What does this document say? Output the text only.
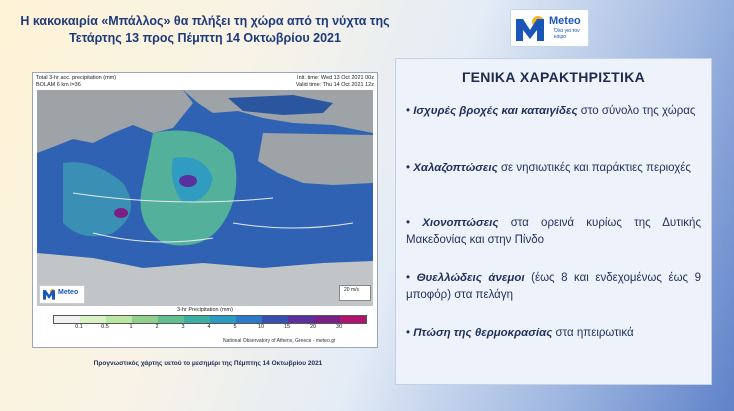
Η κακοκαιρία «Μπάλλος» θα πλήξει τη χώρα από τη νύχτα της
Τετάρτης 13 προς Πέμπτη 14 Οκτωβρίου 2021
Meteo
Όλα για τον καιρό
Total 3-hr acc. precipitation (mm)
BOLAM 6 km l=36
Init. time: Wed 13 Oct 2021 00z
Valid time: Thu 14 Oct 2021 12z
Meteo	20 m/s
3-hr Precipitation (mm)
0.1	0.5	1	2	3	4	5	10	15	20	30
National Observatory of Athens, Greece - meteo.gr
Προγνωστικός χάρτης υετού το μεσημέρι της Πέμπτης 14 Οκτωβρίου 2021
ΓΕΝΙΚΑ ΧΑΡΑΚΤΗΡΙΣΤΙΚΑ
• Ισχυρές βροχές και καταιγίδες στο σύνολο της χώρας
• Χαλαζοπτώσεις σε νησιωτικές και παράκτιες περιοχές
• Χιονοπτώσεις στα ορεινά κυρίως της Δυτικής Μακεδονίας και στην Πίνδο
• Θυελλώδεις άνεμοι (έως 8 και ενδεχομένως έως 9 μποφόρ) στα πελάγη
• Πτώση της θερμοκρασίας στα ηπειρωτικά
